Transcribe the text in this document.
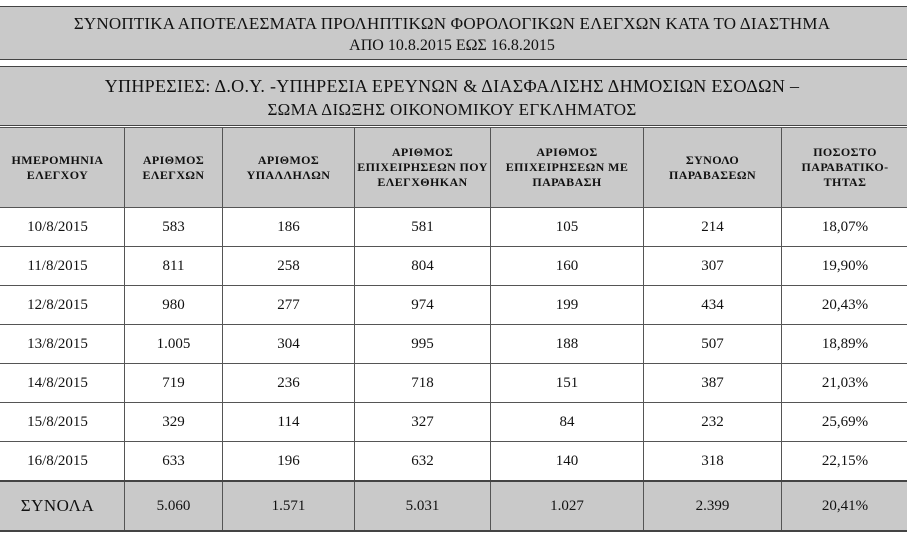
ΣΥΝΟΠΤΙΚΑ ΑΠΟΤΕΛΕΣΜΑΤΑ ΠΡΟΛΗΠΤΙΚΩΝ ΦΟΡΟΛΟΓΙΚΩΝ ΕΛΕΓΧΩΝ ΚΑΤΑ ΤΟ ΔΙΑΣΤΗΜΑ
ΑΠΟ 10.8.2015 ΕΩΣ 16.8.2015
ΥΠΗΡΕΣΙΕΣ: Δ.Ο.Υ. -ΥΠΗΡΕΣΙΑ ΕΡΕΥΝΩΝ & ΔΙΑΣΦΑΛΙΣΗΣ ΔΗΜΟΣΙΩΝ ΕΣΟΔΩΝ –
ΣΩΜΑ ΔΙΩΞΗΣ ΟΙΚΟΝΟΜΙΚΟΥ ΕΓΚΛΗΜΑΤΟΣ
ΗΜΕΡΟΜΗΝΙΑ ΕΛΕΓΧΟΥ	ΑΡΙΘΜΟΣ ΕΛΕΓΧΩΝ	ΑΡΙΘΜΟΣ ΥΠΑΛΛΗΛΩΝ	ΑΡΙΘΜΟΣ ΕΠΙΧΕΙΡΗΣΕΩΝ ΠΟΥ ΕΛΕΓΧΘΗΚΑΝ	ΑΡΙΘΜΟΣ ΕΠΙΧΕΙΡΗΣΕΩΝ ΜΕ ΠΑΡΑΒΑΣΗ	ΣΥΝΟΛΟ ΠΑΡΑΒΑΣΕΩΝ	ΠΟΣΟΣΤΟ ΠΑΡΑΒΑΤΙΚΟ-ΤΗΤΑΣ
10/8/2015	583	186	581	105	214	18,07%
11/8/2015	811	258	804	160	307	19,90%
12/8/2015	980	277	974	199	434	20,43%
13/8/2015	1.005	304	995	188	507	18,89%
14/8/2015	719	236	718	151	387	21,03%
15/8/2015	329	114	327	84	232	25,69%
16/8/2015	633	196	632	140	318	22,15%
ΣΥΝΟΛΑ	5.060	1.571	5.031	1.027	2.399	20,41%
